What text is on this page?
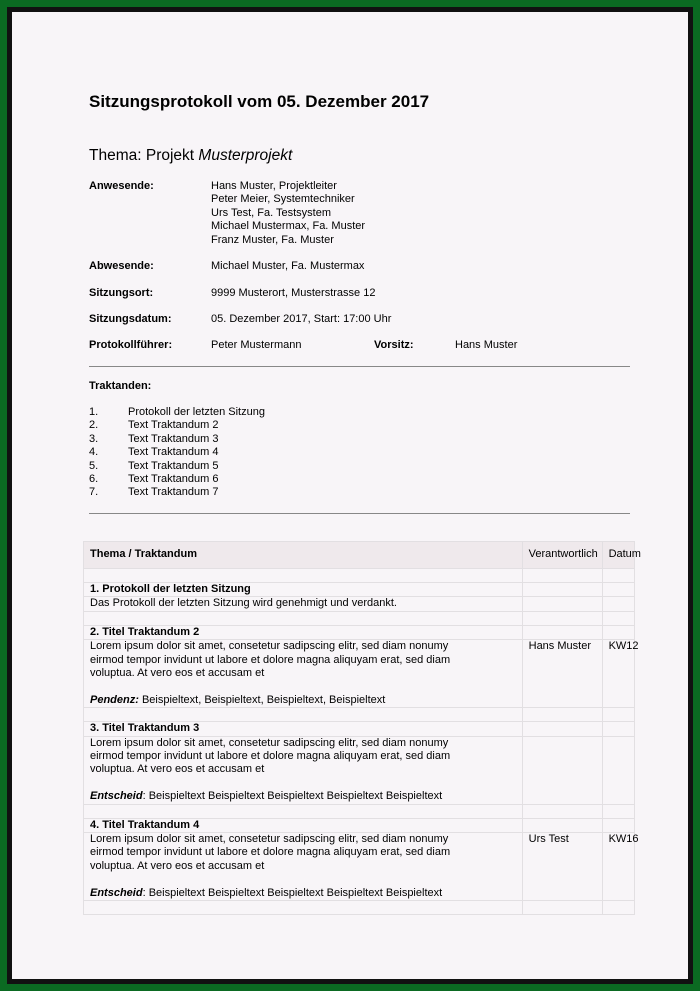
Sitzungsprotokoll vom 05. Dezember 2017
Thema: Projekt Musterprojekt
Anwesende:	Hans Muster, Projektleiter
Peter Meier, Systemtechniker
Urs Test, Fa. Testsystem
Michael Mustermax, Fa. Muster
Franz Muster, Fa. Muster
Abwesende:	Michael Muster, Fa. Mustermax
Sitzungsort:	9999 Musterort, Musterstrasse 12
Sitzungsdatum:	05. Dezember 2017, Start: 17:00 Uhr
Protokollführer:	Peter Mustermann	Vorsitz:	Hans Muster
Traktanden:
1.	Protokoll der letzten Sitzung
2.	Text Traktandum 2
3.	Text Traktandum 3
4.	Text Traktandum 4
5.	Text Traktandum 5
6.	Text Traktandum 6
7.	Text Traktandum 7
Thema / Traktandum	Verantwortlich	Datum

1. Protokoll der letzten Sitzung		
Das Protokoll der letzten Sitzung wird genehmigt und verdankt.		

2. Titel Traktandum 2		

Lorem ipsum dolor sit amet, consetetur sadipscing elitr, sed diam nonumy
eirmod tempor invidunt ut labore et dolore magna aliquyam erat, sed diam
voluptua. At vero eos et accusam et
Pendenz: Beispieltext, Beispieltext, Beispieltext, Beispieltext	Hans Muster	KW12

3. Titel Traktandum 3		

Lorem ipsum dolor sit amet, consetetur sadipscing elitr, sed diam nonumy
eirmod tempor invidunt ut labore et dolore magna aliquyam erat, sed diam
voluptua. At vero eos et accusam et
Entscheid: Beispieltext Beispieltext Beispieltext Beispieltext Beispieltext		

4. Titel Traktandum 4		

Lorem ipsum dolor sit amet, consetetur sadipscing elitr, sed diam nonumy
eirmod tempor invidunt ut labore et dolore magna aliquyam erat, sed diam
voluptua. At vero eos et accusam et
Entscheid: Beispieltext Beispieltext Beispieltext Beispieltext Beispieltext	Urs Test	KW16
